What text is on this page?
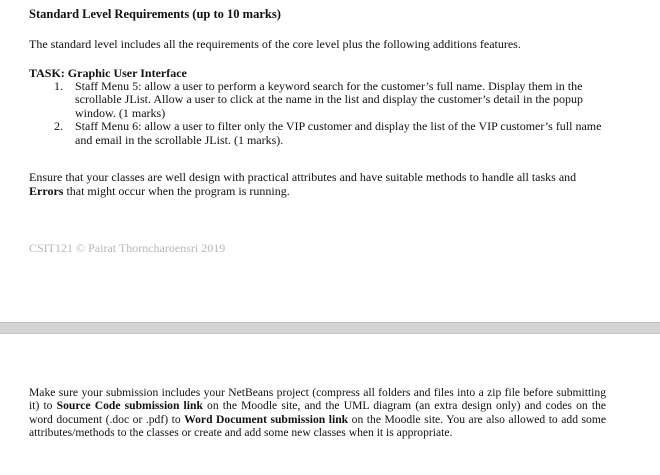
Standard Level Requirements (up to 10 marks)
The standard level includes all the requirements of the core level plus the following additions features.
TASK: Graphic User Interface
1. Staff Menu 5: allow a user to perform a keyword search for the customer’s full name. Display them in the scrollable JList. Allow a user to click at the name in the list and display the customer’s detail in the popup window. (1 marks)
2. Staff Menu 6: allow a user to filter only the VIP customer and display the list of the VIP customer’s full name and email in the scrollable JList. (1 marks).
Ensure that your classes are well design with practical attributes and have suitable methods to handle all tasks and Errors that might occur when the program is running.
CSIT121 © Pairat Thorncharoensri 2019
Make sure your submission includes your NetBeans project (compress all folders and files into a zip file before submitting it) to Source Code submission link on the Moodle site, and the UML diagram (an extra design only) and codes on the word document (.doc or .pdf) to Word Document submission link on the Moodle site. You are also allowed to add some attributes/methods to the classes or create and add some new classes when it is appropriate.
